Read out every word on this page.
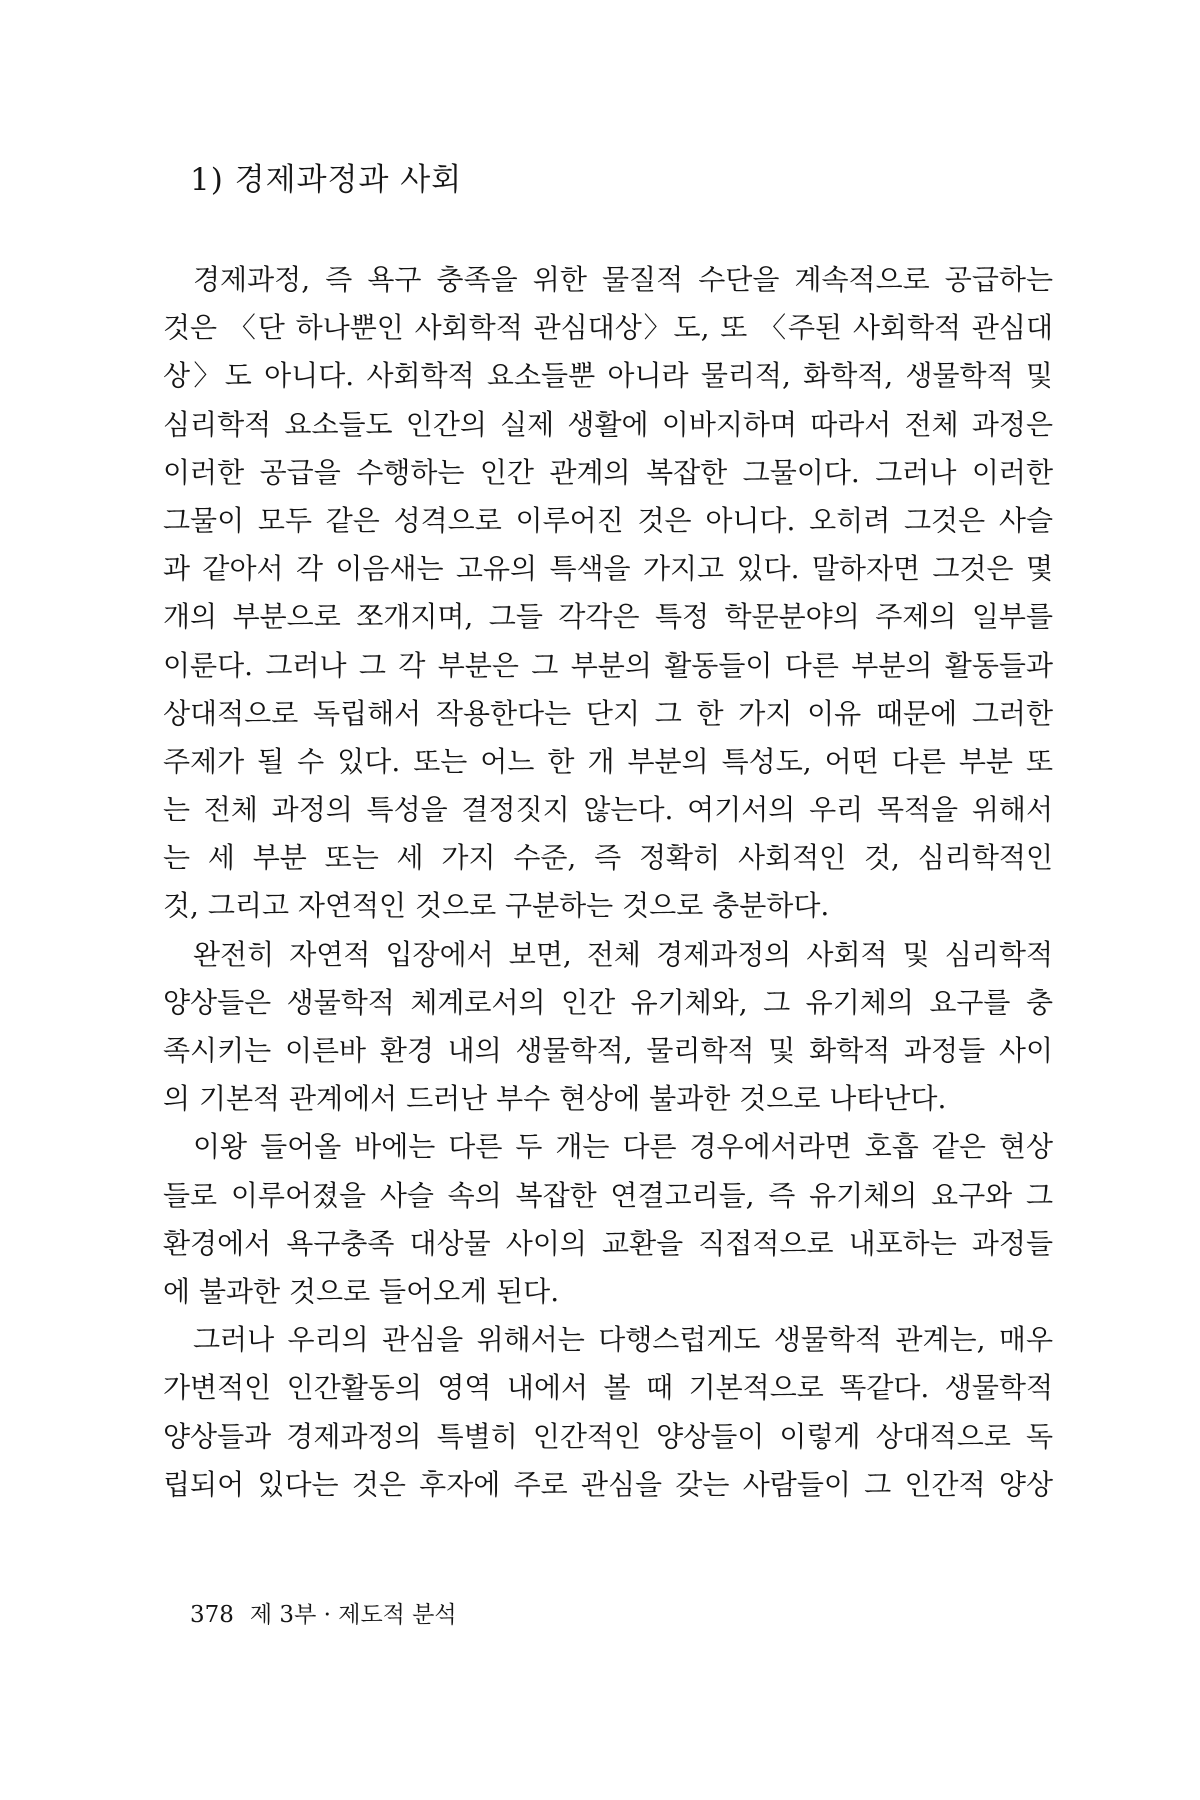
1) 경제과정과 사회
경제과정, 즉 욕구 충족을 위한 물질적 수단을 계속적으로 공급하는
것은 〈단 하나뿐인 사회학적 관심대상〉도, 또 〈주된 사회학적 관심대
상〉도 아니다. 사회학적 요소들뿐 아니라 물리적, 화학적, 생물학적 및
심리학적 요소들도 인간의 실제 생활에 이바지하며 따라서 전체 과정은
이러한 공급을 수행하는 인간 관계의 복잡한 그물이다. 그러나 이러한
그물이 모두 같은 성격으로 이루어진 것은 아니다. 오히려 그것은 사슬
과 같아서 각 이음새는 고유의 특색을 가지고 있다. 말하자면 그것은 몇
개의 부분으로 쪼개지며, 그들 각각은 특정 학문분야의 주제의 일부를
이룬다. 그러나 그 각 부분은 그 부분의 활동들이 다른 부분의 활동들과
상대적으로 독립해서 작용한다는 단지 그 한 가지 이유 때문에 그러한
주제가 될 수 있다. 또는 어느 한 개 부분의 특성도, 어떤 다른 부분 또
는 전체 과정의 특성을 결정짓지 않는다. 여기서의 우리 목적을 위해서
는 세 부분 또는 세 가지 수준, 즉 정확히 사회적인 것, 심리학적인
것, 그리고 자연적인 것으로 구분하는 것으로 충분하다.
완전히 자연적 입장에서 보면, 전체 경제과정의 사회적 및 심리학적
양상들은 생물학적 체계로서의 인간 유기체와, 그 유기체의 요구를 충
족시키는 이른바 환경 내의 생물학적, 물리학적 및 화학적 과정들 사이
의 기본적 관계에서 드러난 부수 현상에 불과한 것으로 나타난다.
이왕 들어올 바에는 다른 두 개는 다른 경우에서라면 호흡 같은 현상
들로 이루어졌을 사슬 속의 복잡한 연결고리들, 즉 유기체의 요구와 그
환경에서 욕구충족 대상물 사이의 교환을 직접적으로 내포하는 과정들
에 불과한 것으로 들어오게 된다.
그러나 우리의 관심을 위해서는 다행스럽게도 생물학적 관계는, 매우
가변적인 인간활동의 영역 내에서 볼 때 기본적으로 똑같다. 생물학적
양상들과 경제과정의 특별히 인간적인 양상들이 이렇게 상대적으로 독
립되어 있다는 것은 후자에 주로 관심을 갖는 사람들이 그 인간적 양상
378 제 3부 · 제도적 분석
